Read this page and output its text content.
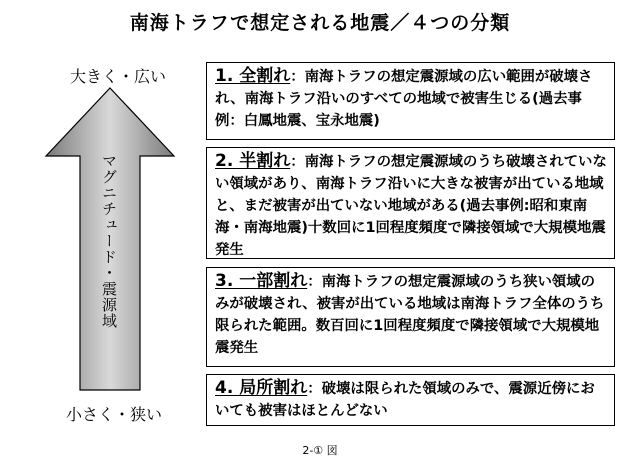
南海トラフで想定される地震／４つの分類
大きく・広い
マグニチュード・震源域
小さく・狭い
1. 全割れ：南海トラフの想定震源域の広い範囲が破壊され、南海トラフ沿いのすべての地域で被害生じる(過去事例：白鳳地震、宝永地震)
2. 半割れ：南海トラフの想定震源域のうち破壊されていない領域があり、南海トラフ沿いに大きな被害が出ている地域と、まだ被害が出ていない地域がある(過去事例:昭和東南海・南海地震)十数回に1回程度頻度で隣接領域で大規模地震発生
3. 一部割れ：南海トラフの想定震源域のうち狭い領域のみが破壊され、被害が出ている地域は南海トラフ全体のうち限られた範囲。数百回に1回程度頻度で隣接領域で大規模地震発生
4. 局所割れ：破壊は限られた領域のみで、震源近傍においても被害はほとんどない
2-① 図
